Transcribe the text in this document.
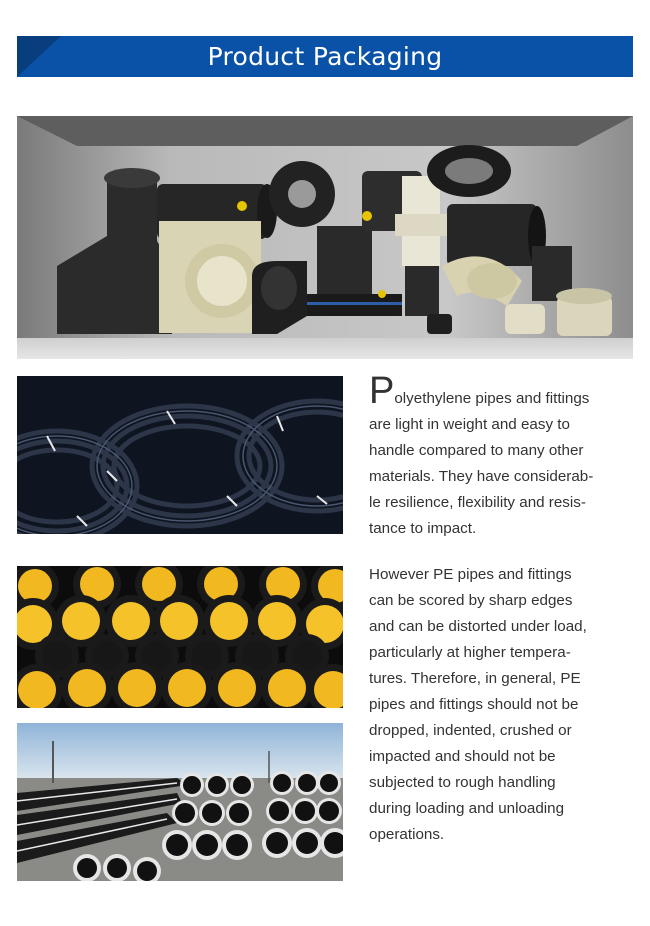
Product Packaging

Polyethylene pipes and fittings
are light in weight and easy to
handle compared to many other
materials. They have considerab-
le resilience, flexibility and resis-
tance to impact.

However PE pipes and fittings
can be scored by sharp edges
and can be distorted under load,
particularly at higher tempera-
tures. Therefore, in general, PE
pipes and fittings should not be
dropped, indented, crushed or
impacted and should not be
subjected to rough handling
during loading and unloading
operations.
